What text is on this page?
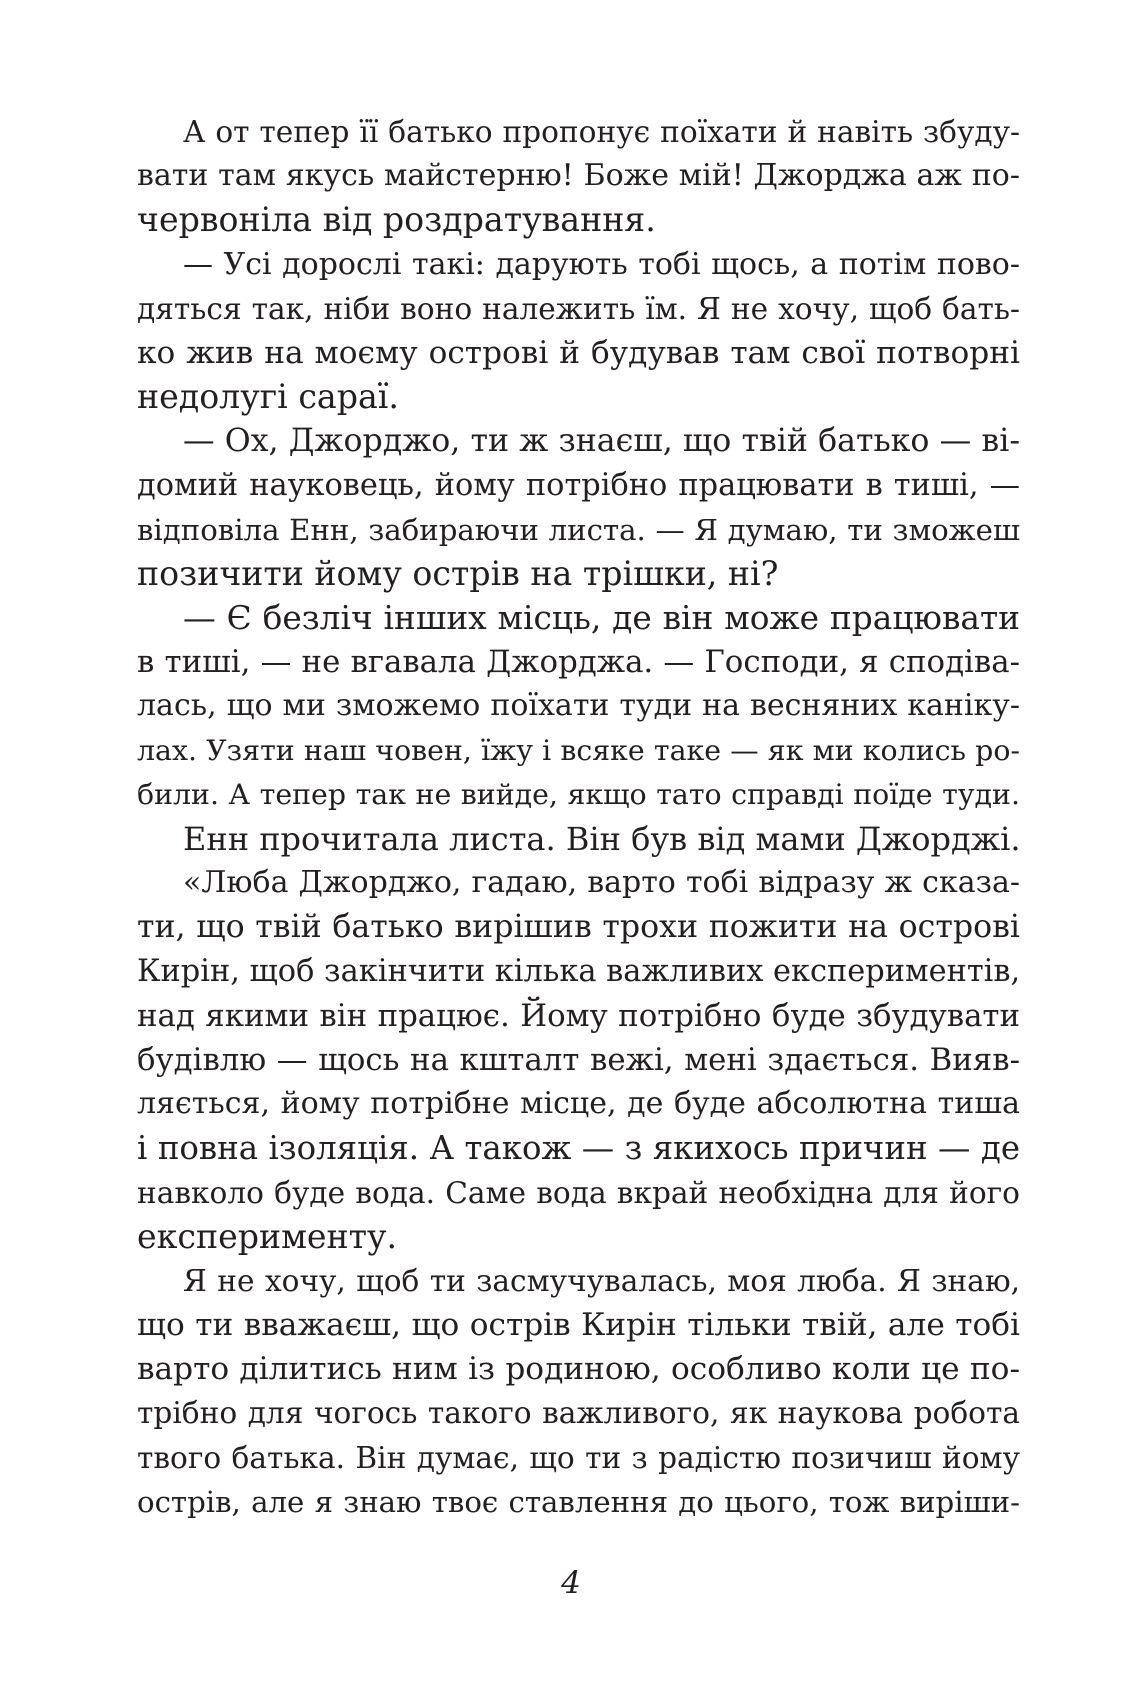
А от тепер її батько пропонує поїхати й навіть збуду-
вати там якусь майстерню! Боже мій! Джорджа аж по-
червоніла від роздратування.
— Усі дорослі такі: дарують тобі щось, а потім пово-
дяться так, ніби воно належить їм. Я не хочу, щоб бать-
ко жив на моєму острові й будував там свої потворні
недолугі сараї.
— Ох, Джорджо, ти ж знаєш, що твій батько — ві-
домий науковець, йому потрібно працювати в тиші, —
відповіла Енн, забираючи листа. — Я думаю, ти зможеш
позичити йому острів на трішки, ні?
— Є безліч інших місць, де він може працювати
в тиші, — не вгавала Джорджа. — Господи, я сподіва-
лась, що ми зможемо поїхати туди на весняних каніку-
лах. Узяти наш човен, їжу і всяке таке — як ми колись ро-
били. А тепер так не вийде, якщо тато справді поїде туди.
Енн прочитала листа. Він був від мами Джорджі.
«Люба Джорджо, гадаю, варто тобі відразу ж сказа-
ти, що твій батько вирішив трохи пожити на острові
Кирін, щоб закінчити кілька важливих експериментів,
над якими він працює. Йому потрібно буде збудувати
будівлю — щось на кшталт вежі, мені здається. Вияв-
ляється, йому потрібне місце, де буде абсолютна тиша
і повна ізоляція. А також — з якихось причин — де
навколо буде вода. Саме вода вкрай необхідна для його
експерименту.
Я не хочу, щоб ти засмучувалась, моя люба. Я знаю,
що ти вважаєш, що острів Кирін тільки твій, але тобі
варто ділитись ним із родиною, особливо коли це по-
трібно для чогось такого важливого, як наукова робота
твого батька. Він думає, що ти з радістю позичиш йому
острів, але я знаю твоє ставлення до цього, тож виріши-
4
